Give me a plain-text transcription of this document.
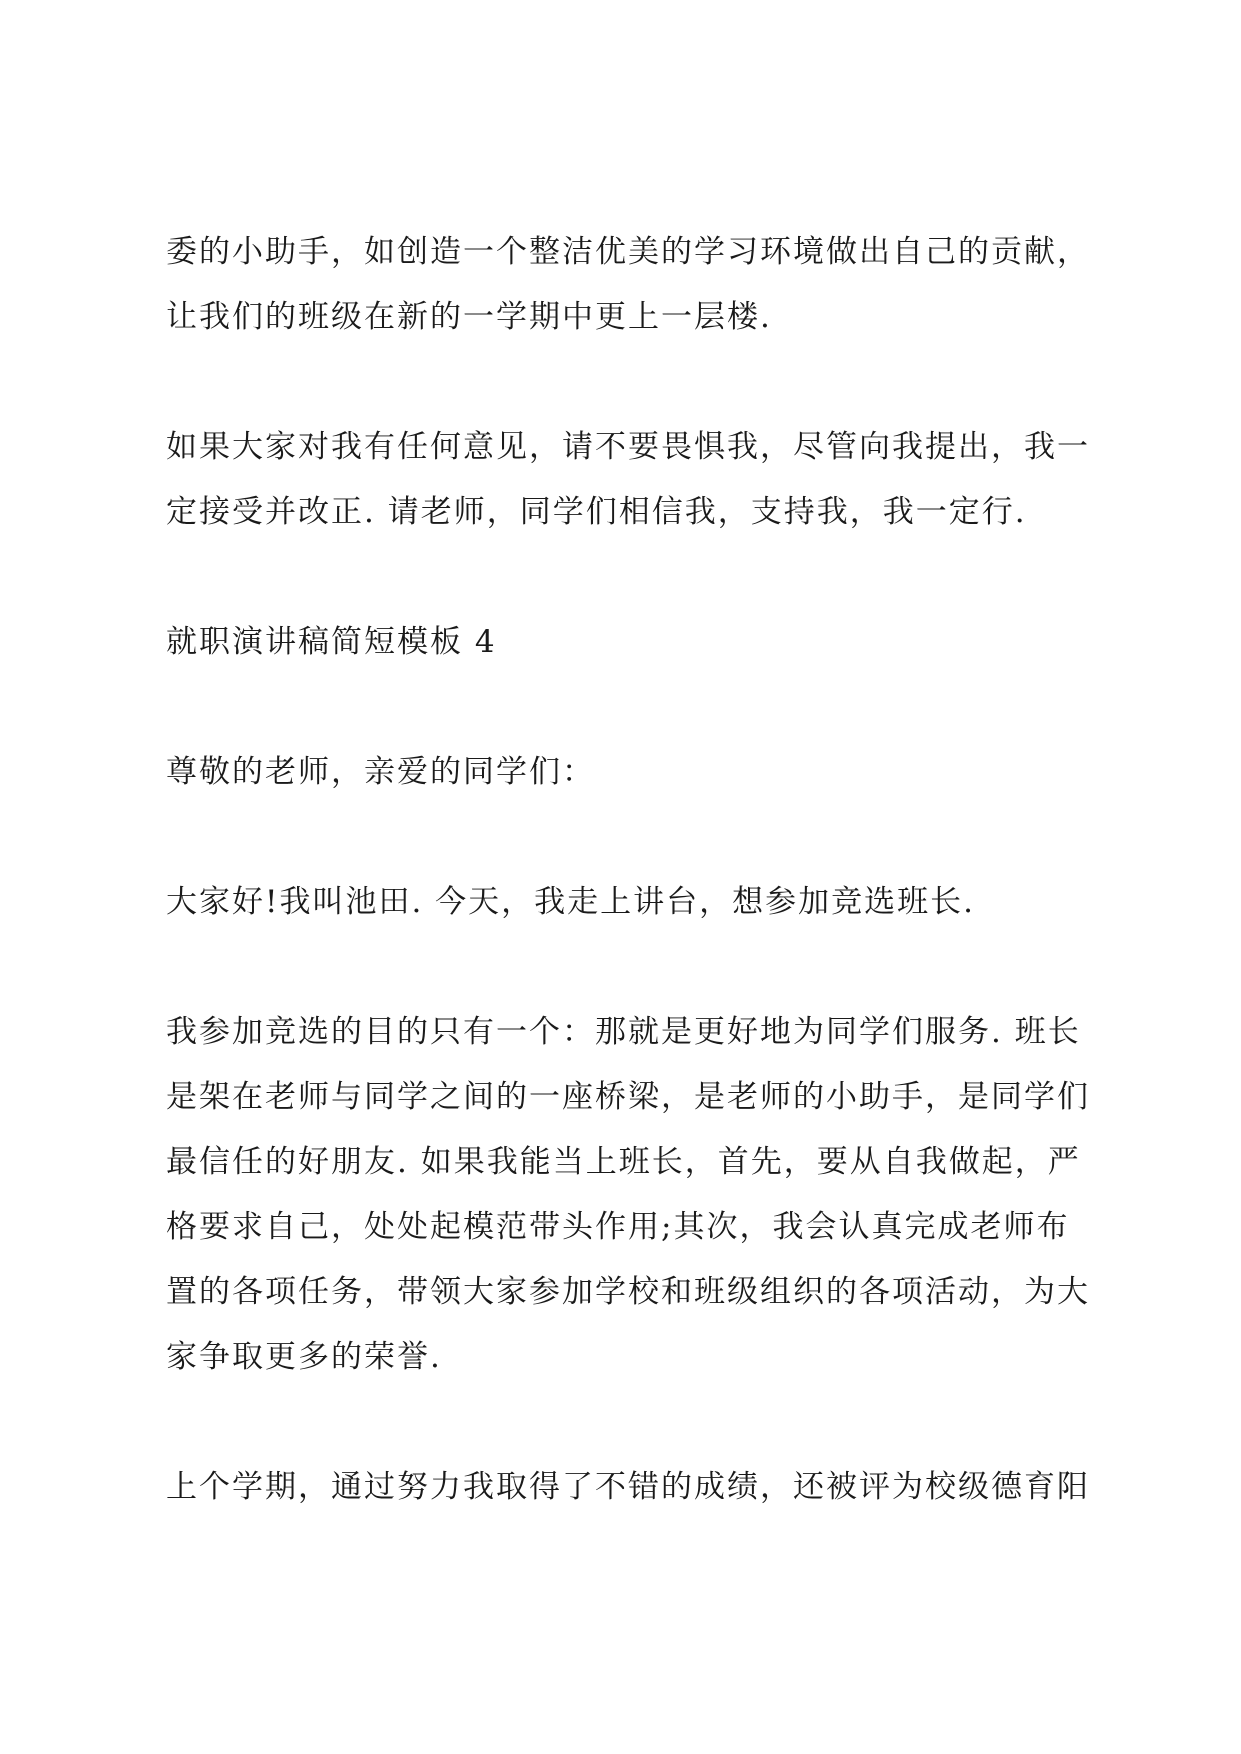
委的小助手，如创造一个整洁优美的学习环境做出自己的贡献，
让我们的班级在新的一学期中更上一层楼.
如果大家对我有任何意见，请不要畏惧我，尽管向我提出，我一
定接受并改正. 请老师，同学们相信我，支持我，我一定行.
就职演讲稿简短模板 4
尊敬的老师，亲爱的同学们：
大家好!我叫池田. 今天，我走上讲台，想参加竞选班长.
我参加竞选的目的只有一个：那就是更好地为同学们服务. 班长
是架在老师与同学之间的一座桥梁，是老师的小助手，是同学们
最信任的好朋友. 如果我能当上班长，首先，要从自我做起，严
格要求自己，处处起模范带头作用;其次，我会认真完成老师布
置的各项任务，带领大家参加学校和班级组织的各项活动，为大
家争取更多的荣誉.
上个学期，通过努力我取得了不错的成绩，还被评为校级德育阳
